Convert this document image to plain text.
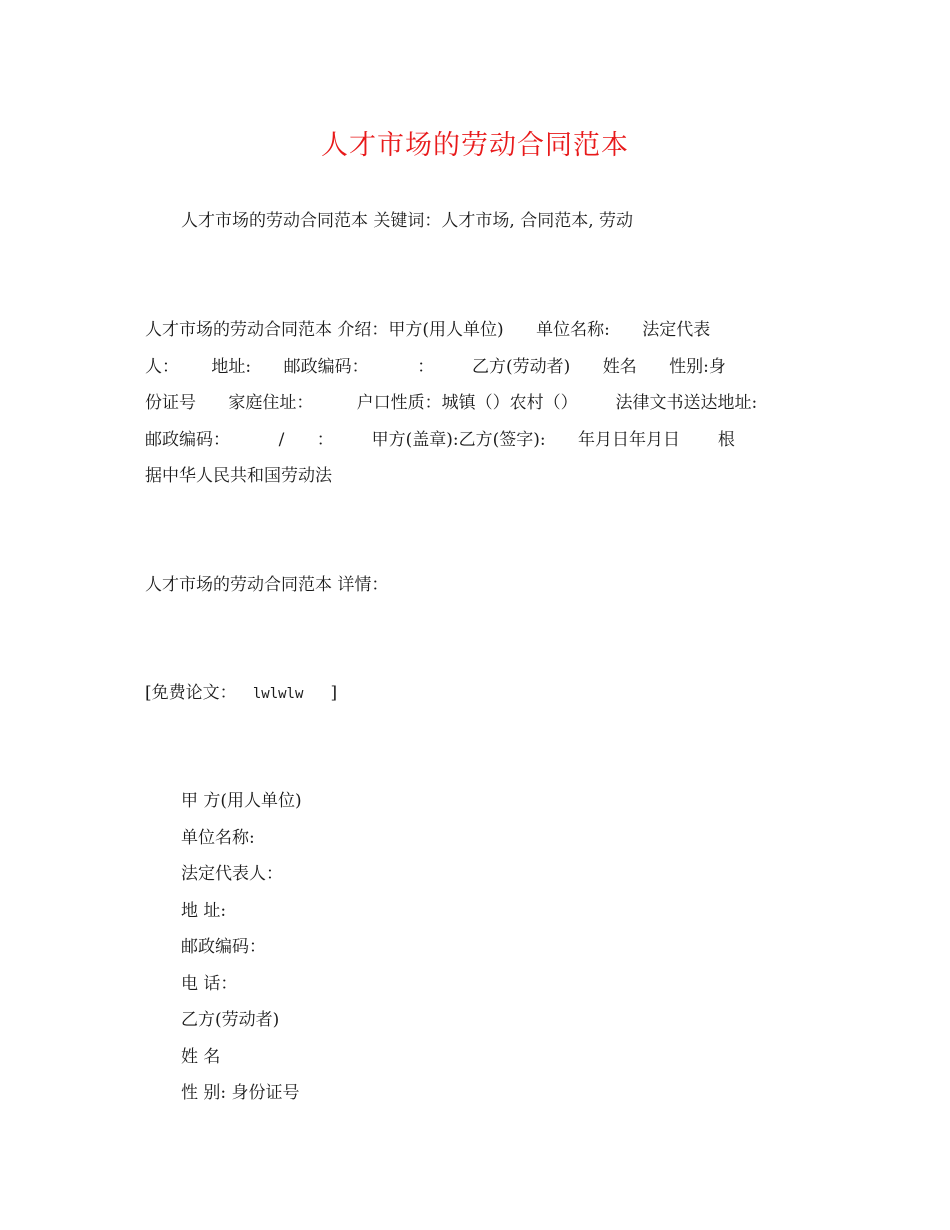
人才市场的劳动合同范本
人才市场的劳动合同范本 关键词：人才市场, 合同范本, 劳动
人才市场的劳动合同范本 介绍：甲方(用人单位)      单位名称:      法定代表
人：      地址:      邮政编码：         ：       乙方(劳动者)      姓名      性别:身
份证号      家庭住址：        户口性质：城镇（）农村（）       法律文书送达地址:
邮政编码：         /      ：       甲方(盖章):乙方(签字):      年月日年月日       根
据中华人民共和国劳动法
人才市场的劳动合同范本 详情：
[免费论文：   lwlwlw     ]
甲 方(用人单位)
单位名称:
法定代表人：
地 址:
邮政编码：
电 话：
乙方(劳动者)
姓 名
性 别: 身份证号
